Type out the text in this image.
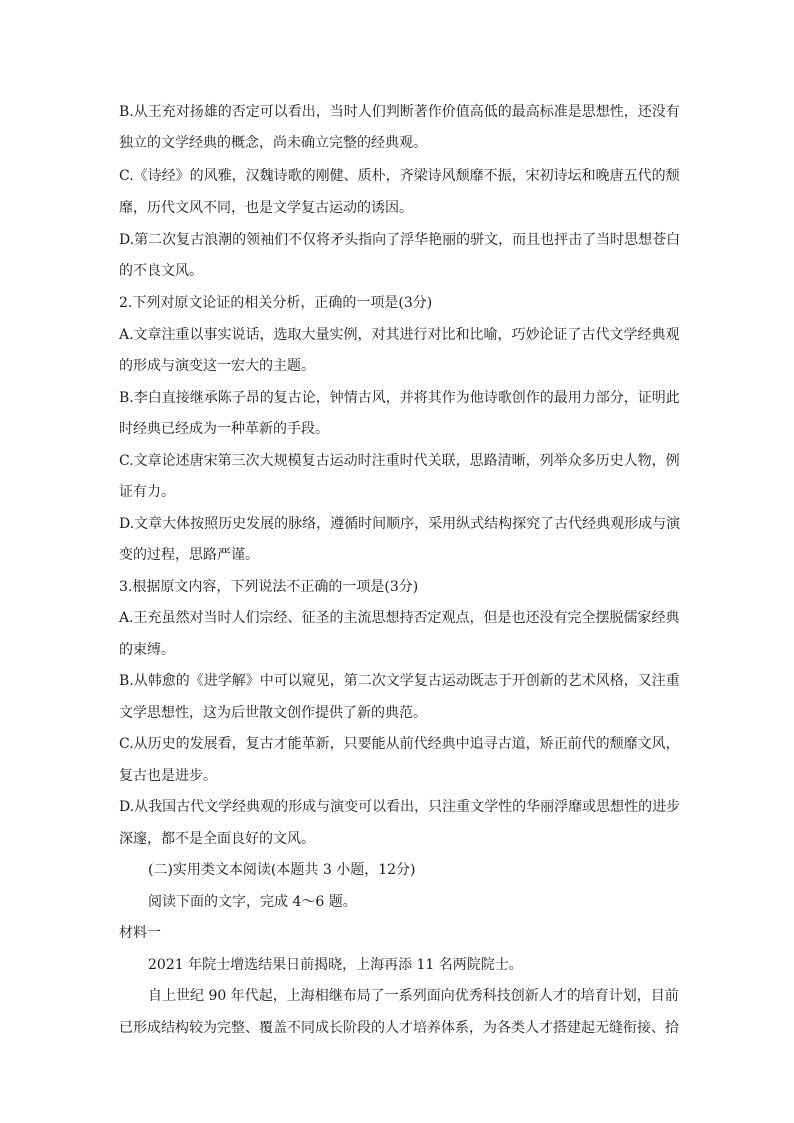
B.从王充对扬雄的否定可以看出，当时人们判断著作价值高低的最高标准是思想性，还没有
独立的文学经典的概念，尚未确立完整的经典观。
C.《诗经》的风雅，汉魏诗歌的刚健、质朴，齐梁诗风颓靡不振，宋初诗坛和晚唐五代的颓
靡，历代文风不同，也是文学复古运动的诱因。
D.第二次复古浪潮的领袖们不仅将矛头指向了浮华艳丽的骈文，而且也抨击了当时思想苍白
的不良文风。
2.下列对原文论证的相关分析，正确的一项是(3分)
A.文章注重以事实说话，选取大量实例，对其进行对比和比喻，巧妙论证了古代文学经典观
的形成与演变这一宏大的主题。
B.李白直接继承陈子昂的复古论，钟情古风，并将其作为他诗歌创作的最用力部分，证明此
时经典已经成为一种革新的手段。
C.文章论述唐宋第三次大规模复古运动时注重时代关联，思路清晰，列举众多历史人物，例
证有力。
D.文章大体按照历史发展的脉络，遵循时间顺序，采用纵式结构探究了古代经典观形成与演
变的过程，思路严谨。
3.根据原文内容，下列说法不正确的一项是(3分)
A.王充虽然对当时人们宗经、征圣的主流思想持否定观点，但是也还没有完全摆脱儒家经典
的束缚。
B.从韩愈的《进学解》中可以窥见，第二次文学复古运动既志于开创新的艺术风格，又注重
文学思想性，这为后世散文创作提供了新的典范。
C.从历史的发展看，复古才能革新，只要能从前代经典中追寻古道，矫正前代的颓靡文风，
复古也是进步。
D.从我国古代文学经典观的形成与演变可以看出，只注重文学性的华丽浮靡或思想性的进步
深邃，都不是全面良好的文风。
(二)实用类文本阅读(本题共 3 小题，12分)
阅读下面的文字，完成 4～6 题。
材料一
2021 年院士增选结果日前揭晓，上海再添 11 名两院院士。
自上世纪 90 年代起，上海相继布局了一系列面向优秀科技创新人才的培育计划，目前
已形成结构较为完整、覆盖不同成长阶段的人才培养体系，为各类人才搭建起无缝衔接、拾
